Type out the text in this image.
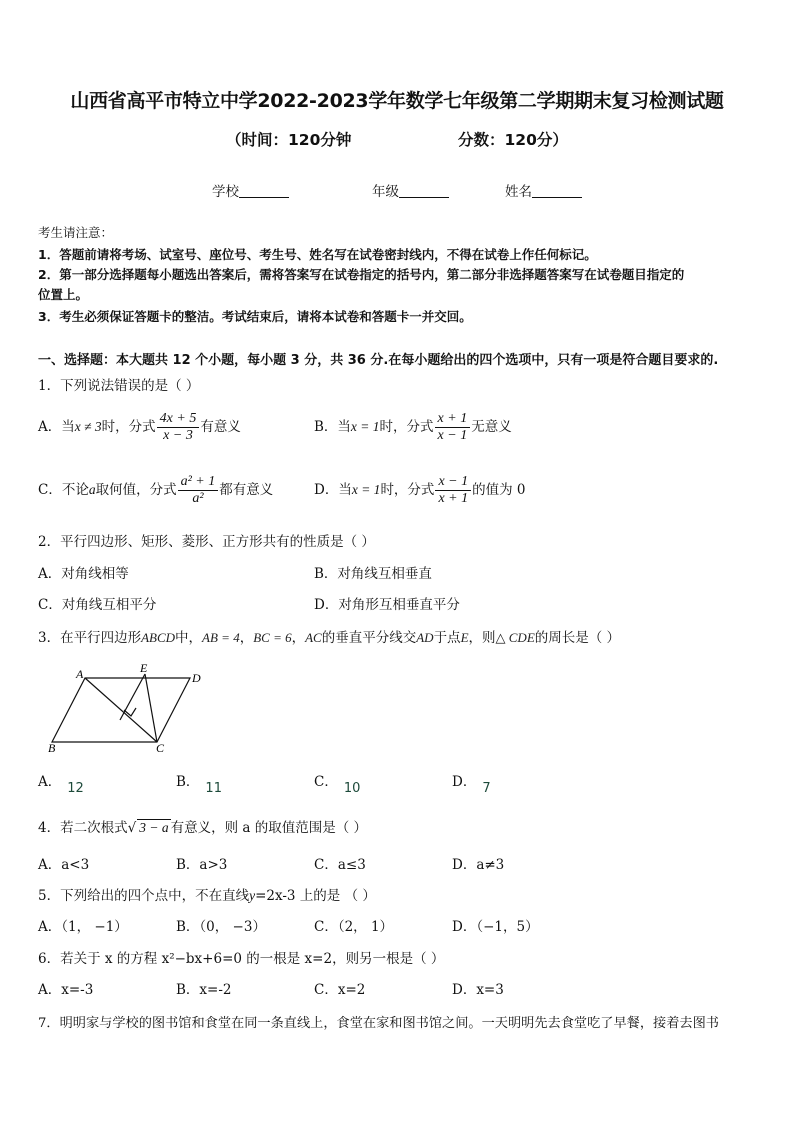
山西省高平市特立中学2022-2023学年数学七年级第二学期期末复习检测试题
（时间：120分钟	分数：120分）
学校	年级	姓名
考生请注意：
1．答题前请将考场、试室号、座位号、考生号、姓名写在试卷密封线内，不得在试卷上作任何标记。
2．第一部分选择题每小题选出答案后，需将答案写在试卷指定的括号内，第二部分非选择题答案写在试卷题目指定的
位置上。
3．考生必须保证答题卡的整洁。考试结束后，请将本试卷和答题卡一并交回。
一、选择题：本大题共 12 个小题，每小题 3 分，共 36 分.在每小题给出的四个选项中，只有一项是符合题目要求的.
1．下列说法错误的是（ ）
A．当x ≠ 3时，分式 $\frac{4x + 5}{x - 3}$ 有意义	B．当x = 1时，分式 $\frac{x + 1}{x - 1}$ 无意义
C．不论a取何值，分式 $\frac{\text{a² + 1}}{\text{a²}}$ 都有意义	D．当x = 1时，分式 $\frac{x - 1}{x + 1}$ 的值为 0
2．平行四边形、矩形、菱形、正方形共有的性质是（ ）
A．对角线相等	B．对角线互相垂直
C．对角线互相平分	D．对角形互相垂直平分
3．在平行四边形ABCD中，AB = 4，BC = 6，AC的垂直平分线交AD于点E，则△ CDE的周长是（ ）
A	E
D
B	C
A． 12	B． 11	C． 10	D． 7
4．若二次根式√ 3 − a 有意义，则 a 的取值范围是（ ）
A．a<3	B．a>3	C．a≤3	D．a≠3
5．下列给出的四个点中，不在直线y=2x-3 上的是 （ ）
A．（1， −1）	B．（0， −3）	C．（2， 1）	D．（−1，5）
6．若关于 x 的方程 x²−bx+6=0 的一根是 x=2，则另一根是（ ）
A．x=-3	B．x=-2	C．x=2	D．x=3
7．明明家与学校的图书馆和食堂在同一条直线上，食堂在家和图书馆之间。一天明明先去食堂吃了早餐，接着去图书
